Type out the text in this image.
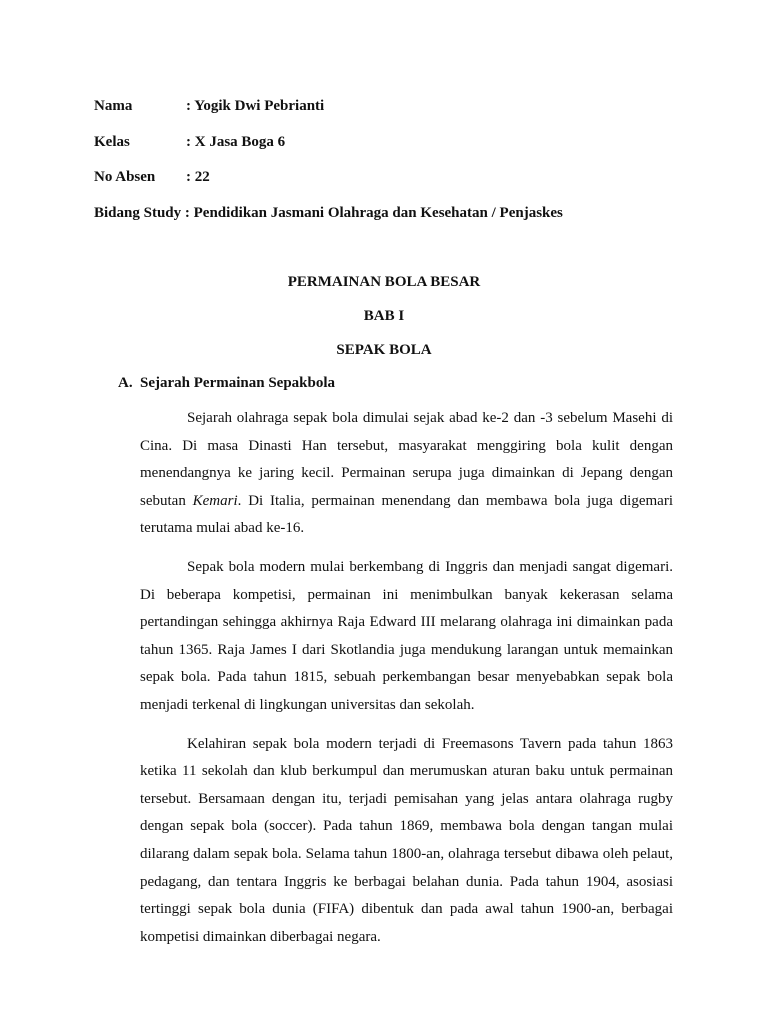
Nama	: Yogik Dwi Pebrianti
Kelas	: X Jasa Boga 6
No Absen	: 22
Bidang Study : Pendidikan Jasmani Olahraga dan Kesehatan / Penjaskes
PERMAINAN BOLA BESAR
BAB I
SEPAK BOLA
A. Sejarah Permainan Sepakbola

Sejarah olahraga sepak bola dimulai sejak abad ke-2 dan -3 sebelum Masehi di Cina. Di masa Dinasti Han tersebut, masyarakat menggiring bola kulit dengan menendangnya ke jaring kecil. Permainan serupa juga dimainkan di Jepang dengan sebutan Kemari. Di Italia, permainan menendang dan membawa bola juga digemari terutama mulai abad ke-16.

Sepak bola modern mulai berkembang di Inggris dan menjadi sangat digemari. Di beberapa kompetisi, permainan ini menimbulkan banyak kekerasan selama pertandingan sehingga akhirnya Raja Edward III melarang olahraga ini dimainkan pada tahun 1365. Raja James I dari Skotlandia juga mendukung larangan untuk memainkan sepak bola. Pada tahun 1815, sebuah perkembangan besar menyebabkan sepak bola menjadi terkenal di lingkungan universitas dan sekolah.

Kelahiran sepak bola modern terjadi di Freemasons Tavern pada tahun 1863 ketika 11 sekolah dan klub berkumpul dan merumuskan aturan baku untuk permainan tersebut. Bersamaan dengan itu, terjadi pemisahan yang jelas antara olahraga rugby dengan sepak bola (soccer). Pada tahun 1869, membawa bola dengan tangan mulai dilarang dalam sepak bola. Selama tahun 1800-an, olahraga tersebut dibawa oleh pelaut, pedagang, dan tentara Inggris ke berbagai belahan dunia. Pada tahun 1904, asosiasi tertinggi sepak bola dunia (FIFA) dibentuk dan pada awal tahun 1900-an, berbagai kompetisi dimainkan diberbagai negara.
